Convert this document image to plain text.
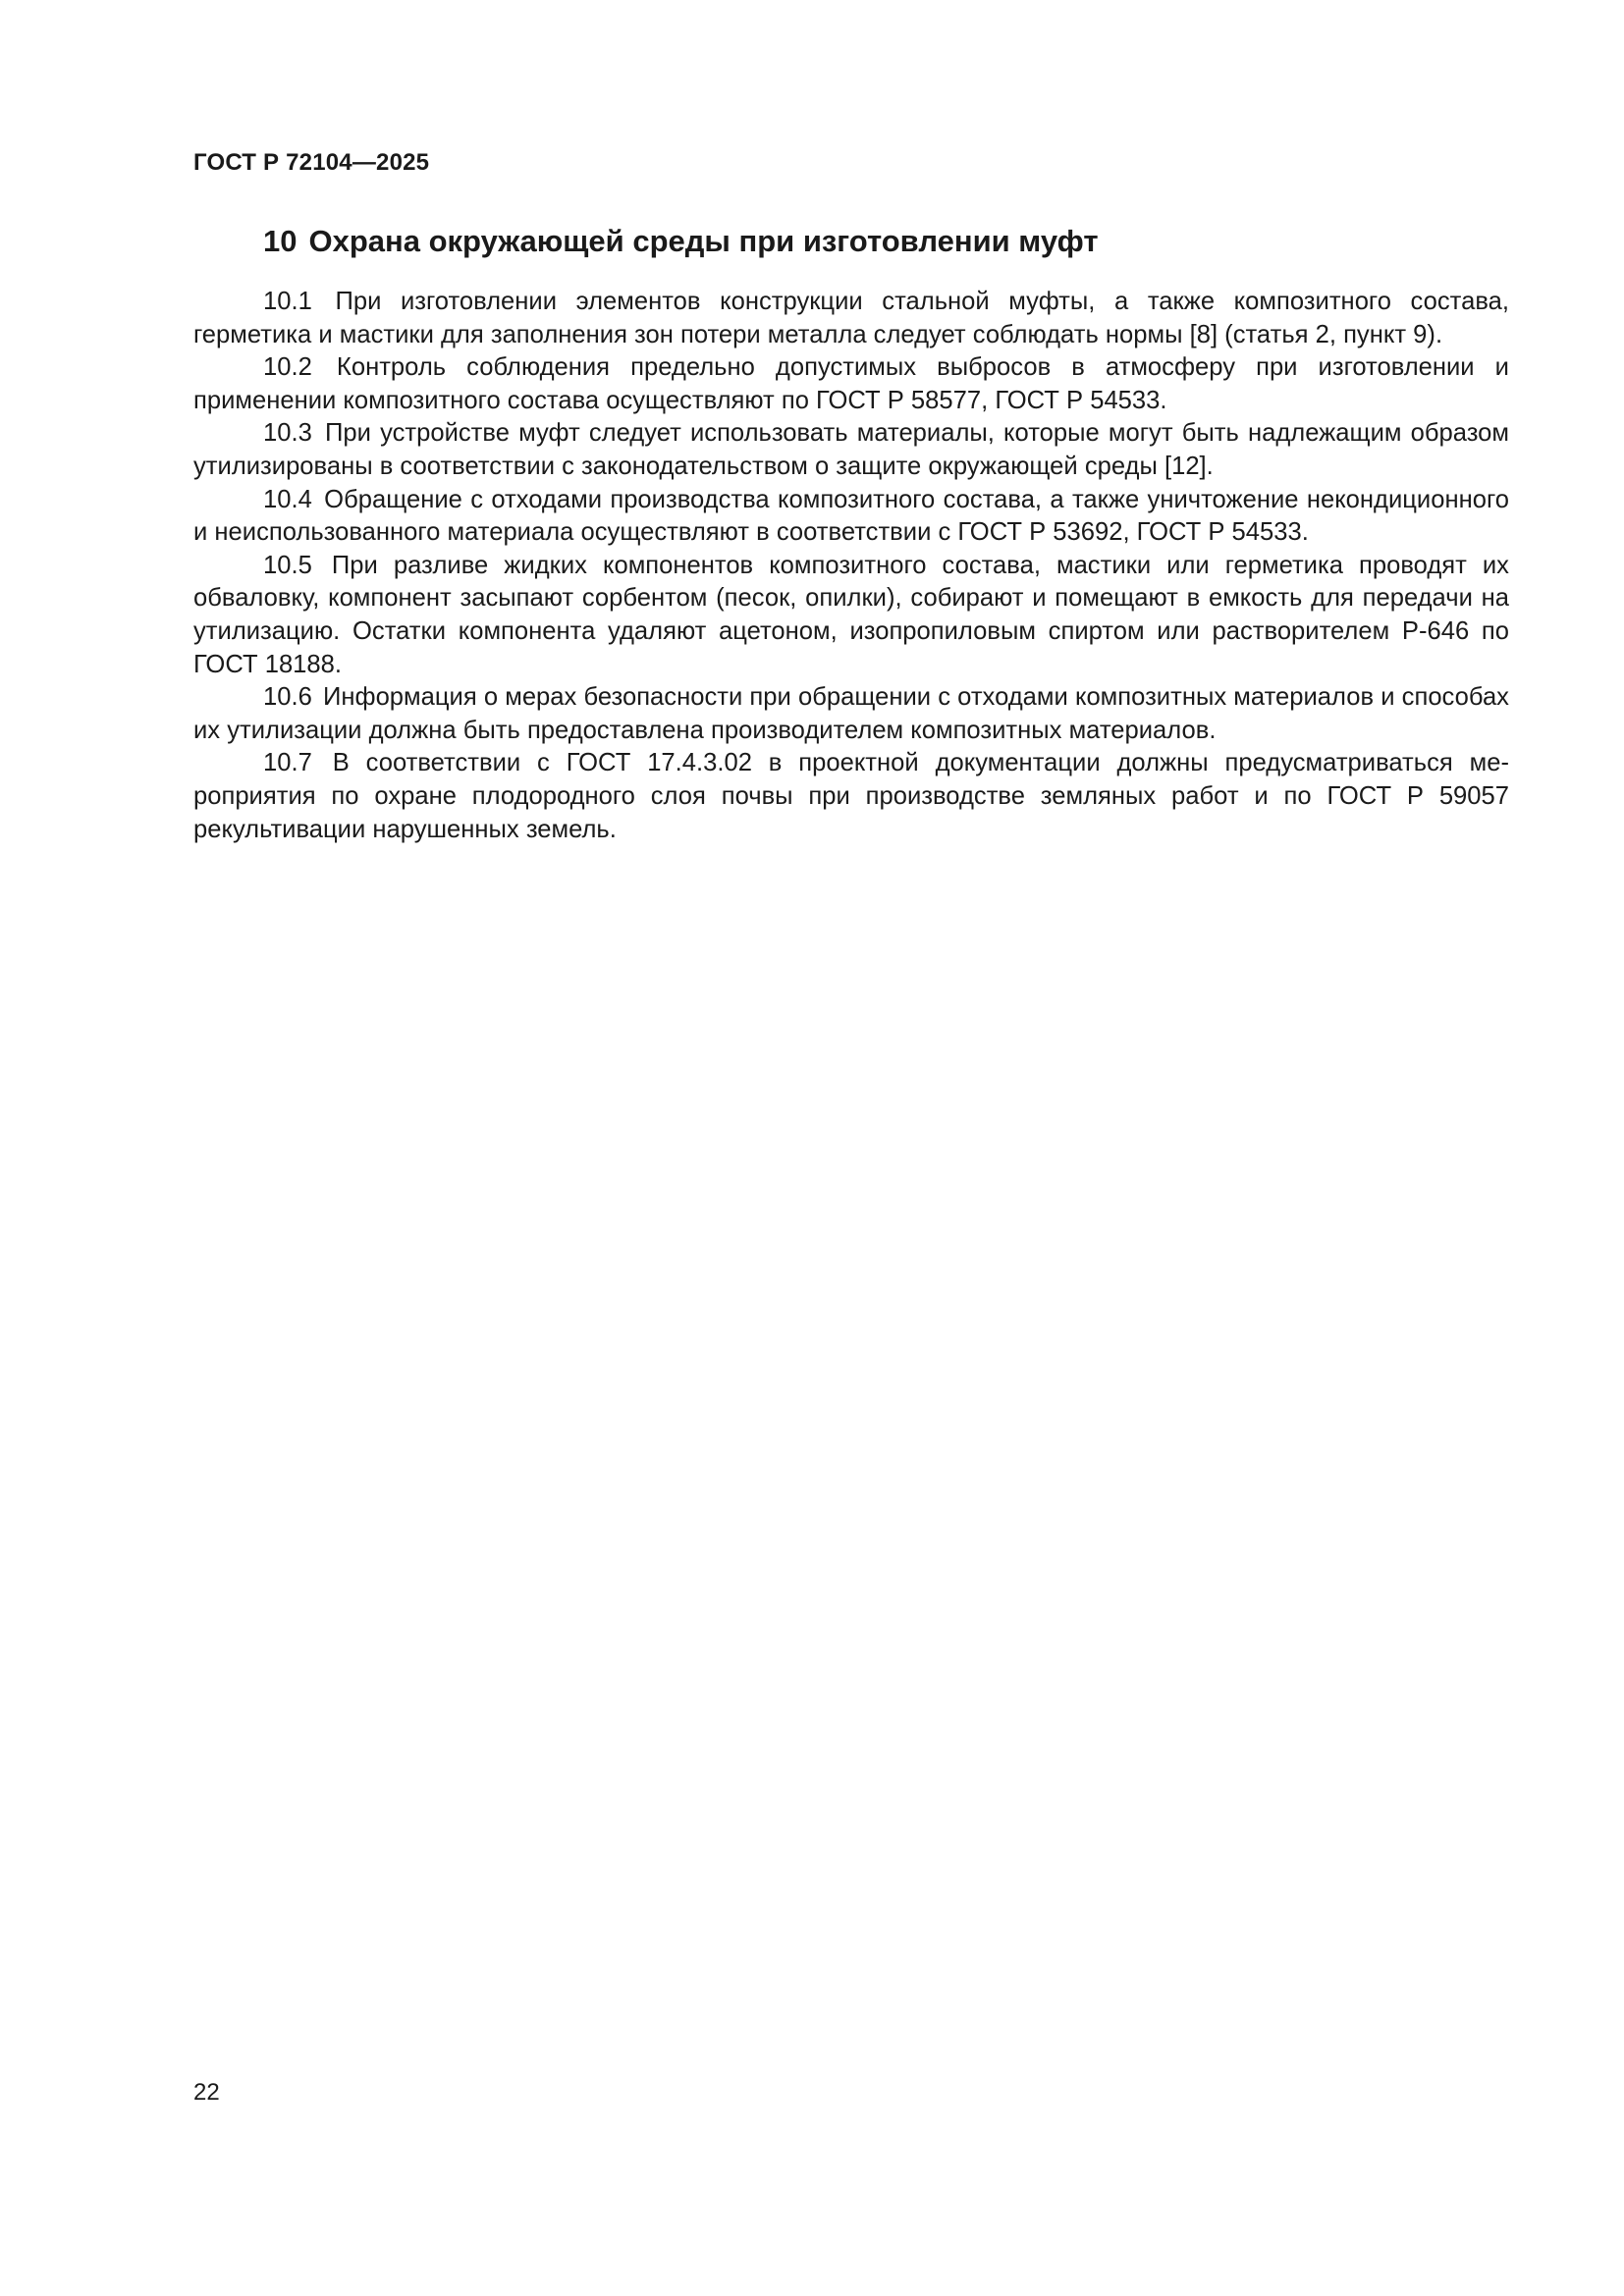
ГОСТ Р 72104—2025
10 Охрана окружающей среды при изготовлении муфт

10.1 При изготовлении элементов конструкции стальной муфты, а также композитного состава, герметика и мастики для заполнения зон потери металла следует соблюдать нормы [8] (статья 2, пункт 9).

10.2 Контроль соблюдения предельно допустимых выбросов в атмосферу при изготовлении и применении композитного состава осуществляют по ГОСТ Р 58577, ГОСТ Р 54533.

10.3 При устройстве муфт следует использовать материалы, которые могут быть надлежащим образом утилизированы в соответствии с законодательством о защите окружающей среды [12].

10.4 Обращение с отходами производства композитного состава, а также уничтожение некондиционного и неиспользованного материала осуществляют в соответствии с ГОСТ Р 53692, ГОСТ Р 54533.

10.5 При разливе жидких компонентов композитного состава, мастики или герметика проводят их обваловку, компонент засыпают сорбентом (песок, опилки), собирают и помещают в емкость для передачи на утилизацию. Остатки компонента удаляют ацетоном, изопропиловым спиртом или растворителем Р-646 по ГОСТ 18188.

10.6 Информация о мерах безопасности при обращении с отходами композитных материалов и способах их утилизации должна быть предоставлена производителем композитных материалов.

10.7 В соответствии с ГОСТ 17.4.3.02 в проектной документации должны предусматриваться мероприятия по охране плодородного слоя почвы при производстве земляных работ и по ГОСТ Р 59057 рекультивации нарушенных земель.

22
